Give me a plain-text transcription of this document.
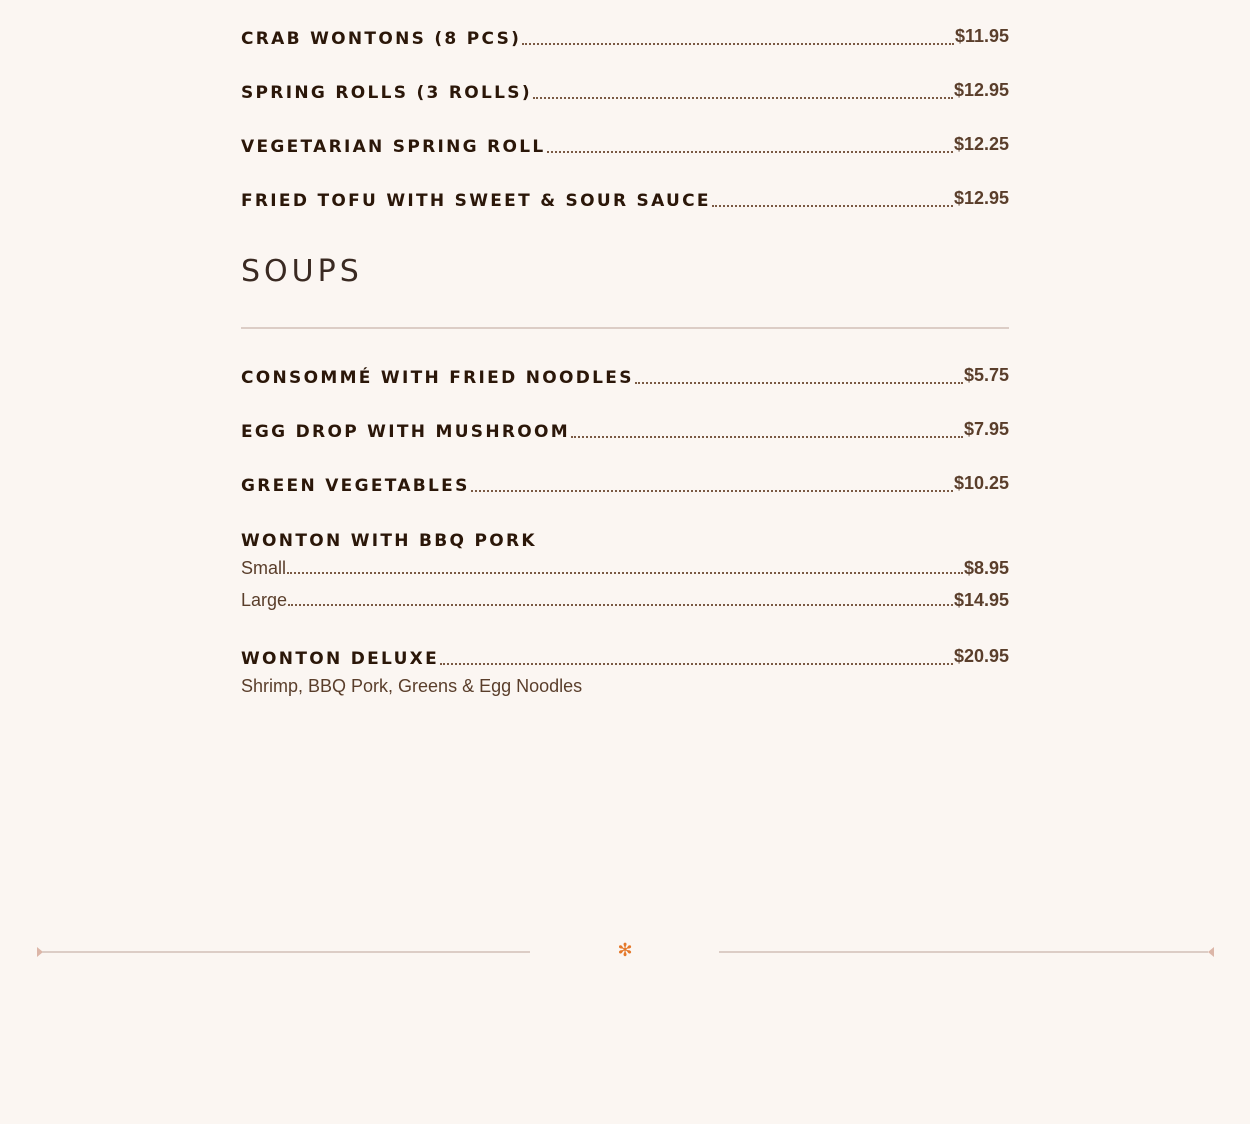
CRAB WONTONS (8 PCS)	$11.95
SPRING ROLLS (3 ROLLS)	$12.95
VEGETARIAN SPRING ROLL	$12.25
FRIED TOFU WITH SWEET & SOUR SAUCE	$12.95
SOUPS
CONSOMMÉ WITH FRIED NOODLES	$5.75
EGG DROP WITH MUSHROOM	$7.95
GREEN VEGETABLES	$10.25
WONTON WITH BBQ PORK
Small	$8.95
Large	$14.95
WONTON DELUXE	$20.95
Shrimp, BBQ Pork, Greens & Egg Noodles
✻
